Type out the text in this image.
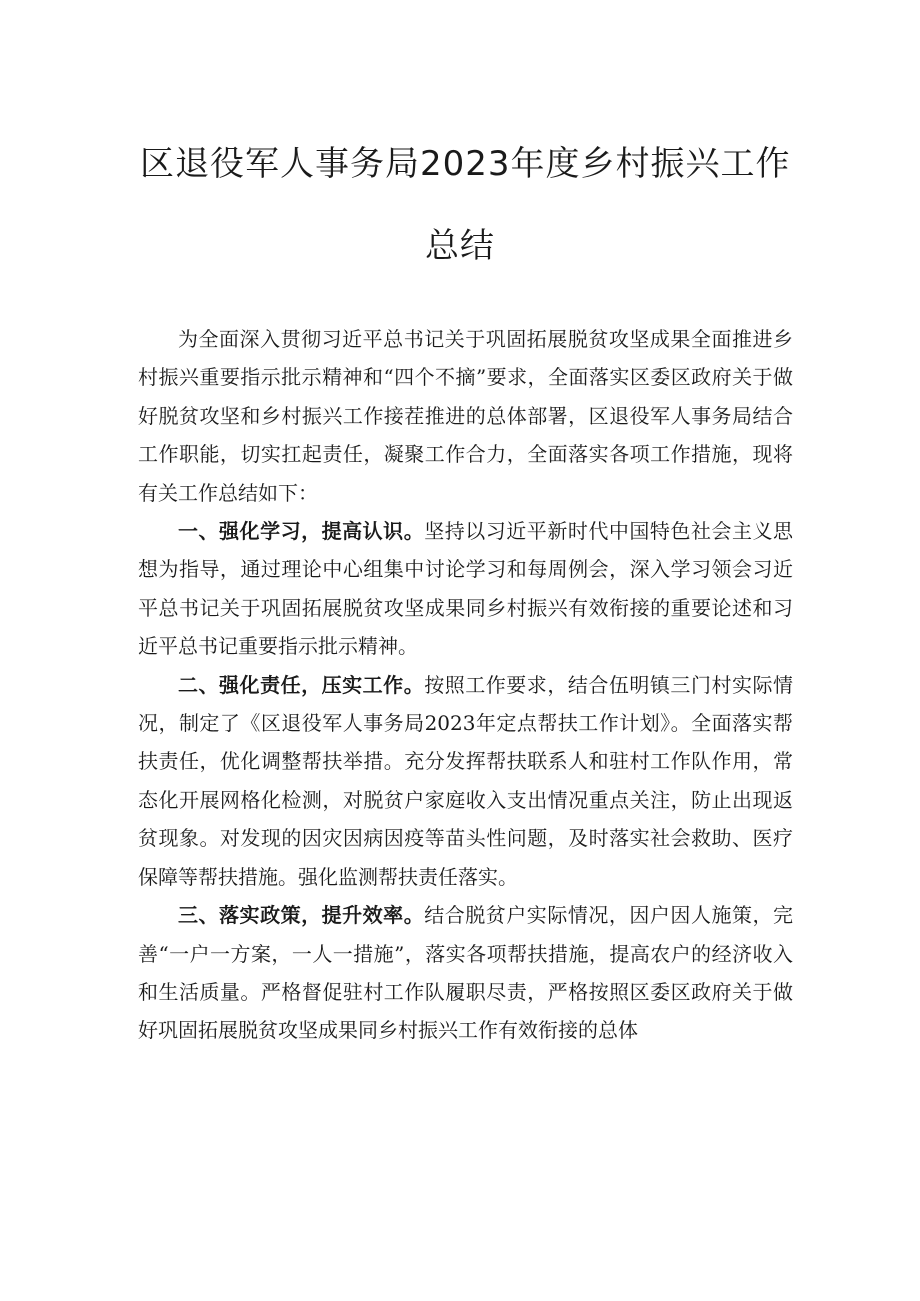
区退役军人事务局2023年度乡村振兴工作
总结

为全面深入贯彻习近平总书记关于巩固拓展脱贫攻坚成果全面推进乡村振兴重要指示批示精神和“四个不摘”要求，全面落实区委区政府关于做好脱贫攻坚和乡村振兴工作接茬推进的总体部署，区退役军人事务局结合工作职能，切实扛起责任，凝聚工作合力，全面落实各项工作措施，现将有关工作总结如下：

一、强化学习，提高认识。坚持以习近平新时代中国特色社会主义思想为指导，通过理论中心组集中讨论学习和每周例会，深入学习领会习近平总书记关于巩固拓展脱贫攻坚成果同乡村振兴有效衔接的重要论述和习近平总书记重要指示批示精神。

二、强化责任，压实工作。按照工作要求，结合伍明镇三门村实际情况，制定了《区退役军人事务局2023年定点帮扶工作计划》。全面落实帮扶责任，优化调整帮扶举措。充分发挥帮扶联系人和驻村工作队作用，常态化开展网格化检测，对脱贫户家庭收入支出情况重点关注，防止出现返贫现象。对发现的因灾因病因疫等苗头性问题，及时落实社会救助、医疗保障等帮扶措施。强化监测帮扶责任落实。

三、落实政策，提升效率。结合脱贫户实际情况，因户因人施策，完善“一户一方案，一人一措施”，落实各项帮扶措施，提高农户的经济收入和生活质量。严格督促驻村工作队履职尽责，严格按照区委区政府关于做好巩固拓展脱贫攻坚成果同乡村振兴工作有效衔接的总体
